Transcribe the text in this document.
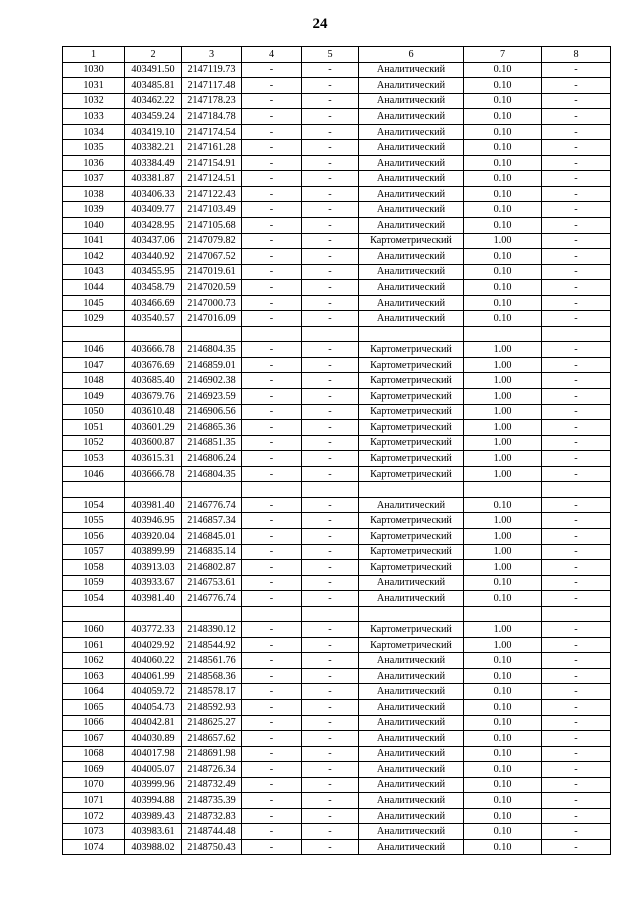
24
1	2	3	4	5	6	7	8
1030	403491.50	2147119.73	-	-	Аналитический	0.10	-
1031	403485.81	2147117.48	-	-	Аналитический	0.10	-
1032	403462.22	2147178.23	-	-	Аналитический	0.10	-
1033	403459.24	2147184.78	-	-	Аналитический	0.10	-
1034	403419.10	2147174.54	-	-	Аналитический	0.10	-
1035	403382.21	2147161.28	-	-	Аналитический	0.10	-
1036	403384.49	2147154.91	-	-	Аналитический	0.10	-
1037	403381.87	2147124.51	-	-	Аналитический	0.10	-
1038	403406.33	2147122.43	-	-	Аналитический	0.10	-
1039	403409.77	2147103.49	-	-	Аналитический	0.10	-
1040	403428.95	2147105.68	-	-	Аналитический	0.10	-
1041	403437.06	2147079.82	-	-	Картометрический	1.00	-
1042	403440.92	2147067.52	-	-	Аналитический	0.10	-
1043	403455.95	2147019.61	-	-	Аналитический	0.10	-
1044	403458.79	2147020.59	-	-	Аналитический	0.10	-
1045	403466.69	2147000.73	-	-	Аналитический	0.10	-
1029	403540.57	2147016.09	-	-	Аналитический	0.10	-

1046	403666.78	2146804.35	-	-	Картометрический	1.00	-
1047	403676.69	2146859.01	-	-	Картометрический	1.00	-
1048	403685.40	2146902.38	-	-	Картометрический	1.00	-
1049	403679.76	2146923.59	-	-	Картометрический	1.00	-
1050	403610.48	2146906.56	-	-	Картометрический	1.00	-
1051	403601.29	2146865.36	-	-	Картометрический	1.00	-
1052	403600.87	2146851.35	-	-	Картометрический	1.00	-
1053	403615.31	2146806.24	-	-	Картометрический	1.00	-
1046	403666.78	2146804.35	-	-	Картометрический	1.00	-

1054	403981.40	2146776.74	-	-	Аналитический	0.10	-
1055	403946.95	2146857.34	-	-	Картометрический	1.00	-
1056	403920.04	2146845.01	-	-	Картометрический	1.00	-
1057	403899.99	2146835.14	-	-	Картометрический	1.00	-
1058	403913.03	2146802.87	-	-	Картометрический	1.00	-
1059	403933.67	2146753.61	-	-	Аналитический	0.10	-
1054	403981.40	2146776.74	-	-	Аналитический	0.10	-

1060	403772.33	2148390.12	-	-	Картометрический	1.00	-
1061	404029.92	2148544.92	-	-	Картометрический	1.00	-
1062	404060.22	2148561.76	-	-	Аналитический	0.10	-
1063	404061.99	2148568.36	-	-	Аналитический	0.10	-
1064	404059.72	2148578.17	-	-	Аналитический	0.10	-
1065	404054.73	2148592.93	-	-	Аналитический	0.10	-
1066	404042.81	2148625.27	-	-	Аналитический	0.10	-
1067	404030.89	2148657.62	-	-	Аналитический	0.10	-
1068	404017.98	2148691.98	-	-	Аналитический	0.10	-
1069	404005.07	2148726.34	-	-	Аналитический	0.10	-
1070	403999.96	2148732.49	-	-	Аналитический	0.10	-
1071	403994.88	2148735.39	-	-	Аналитический	0.10	-
1072	403989.43	2148732.83	-	-	Аналитический	0.10	-
1073	403983.61	2148744.48	-	-	Аналитический	0.10	-
1074	403988.02	2148750.43	-	-	Аналитический	0.10	-
